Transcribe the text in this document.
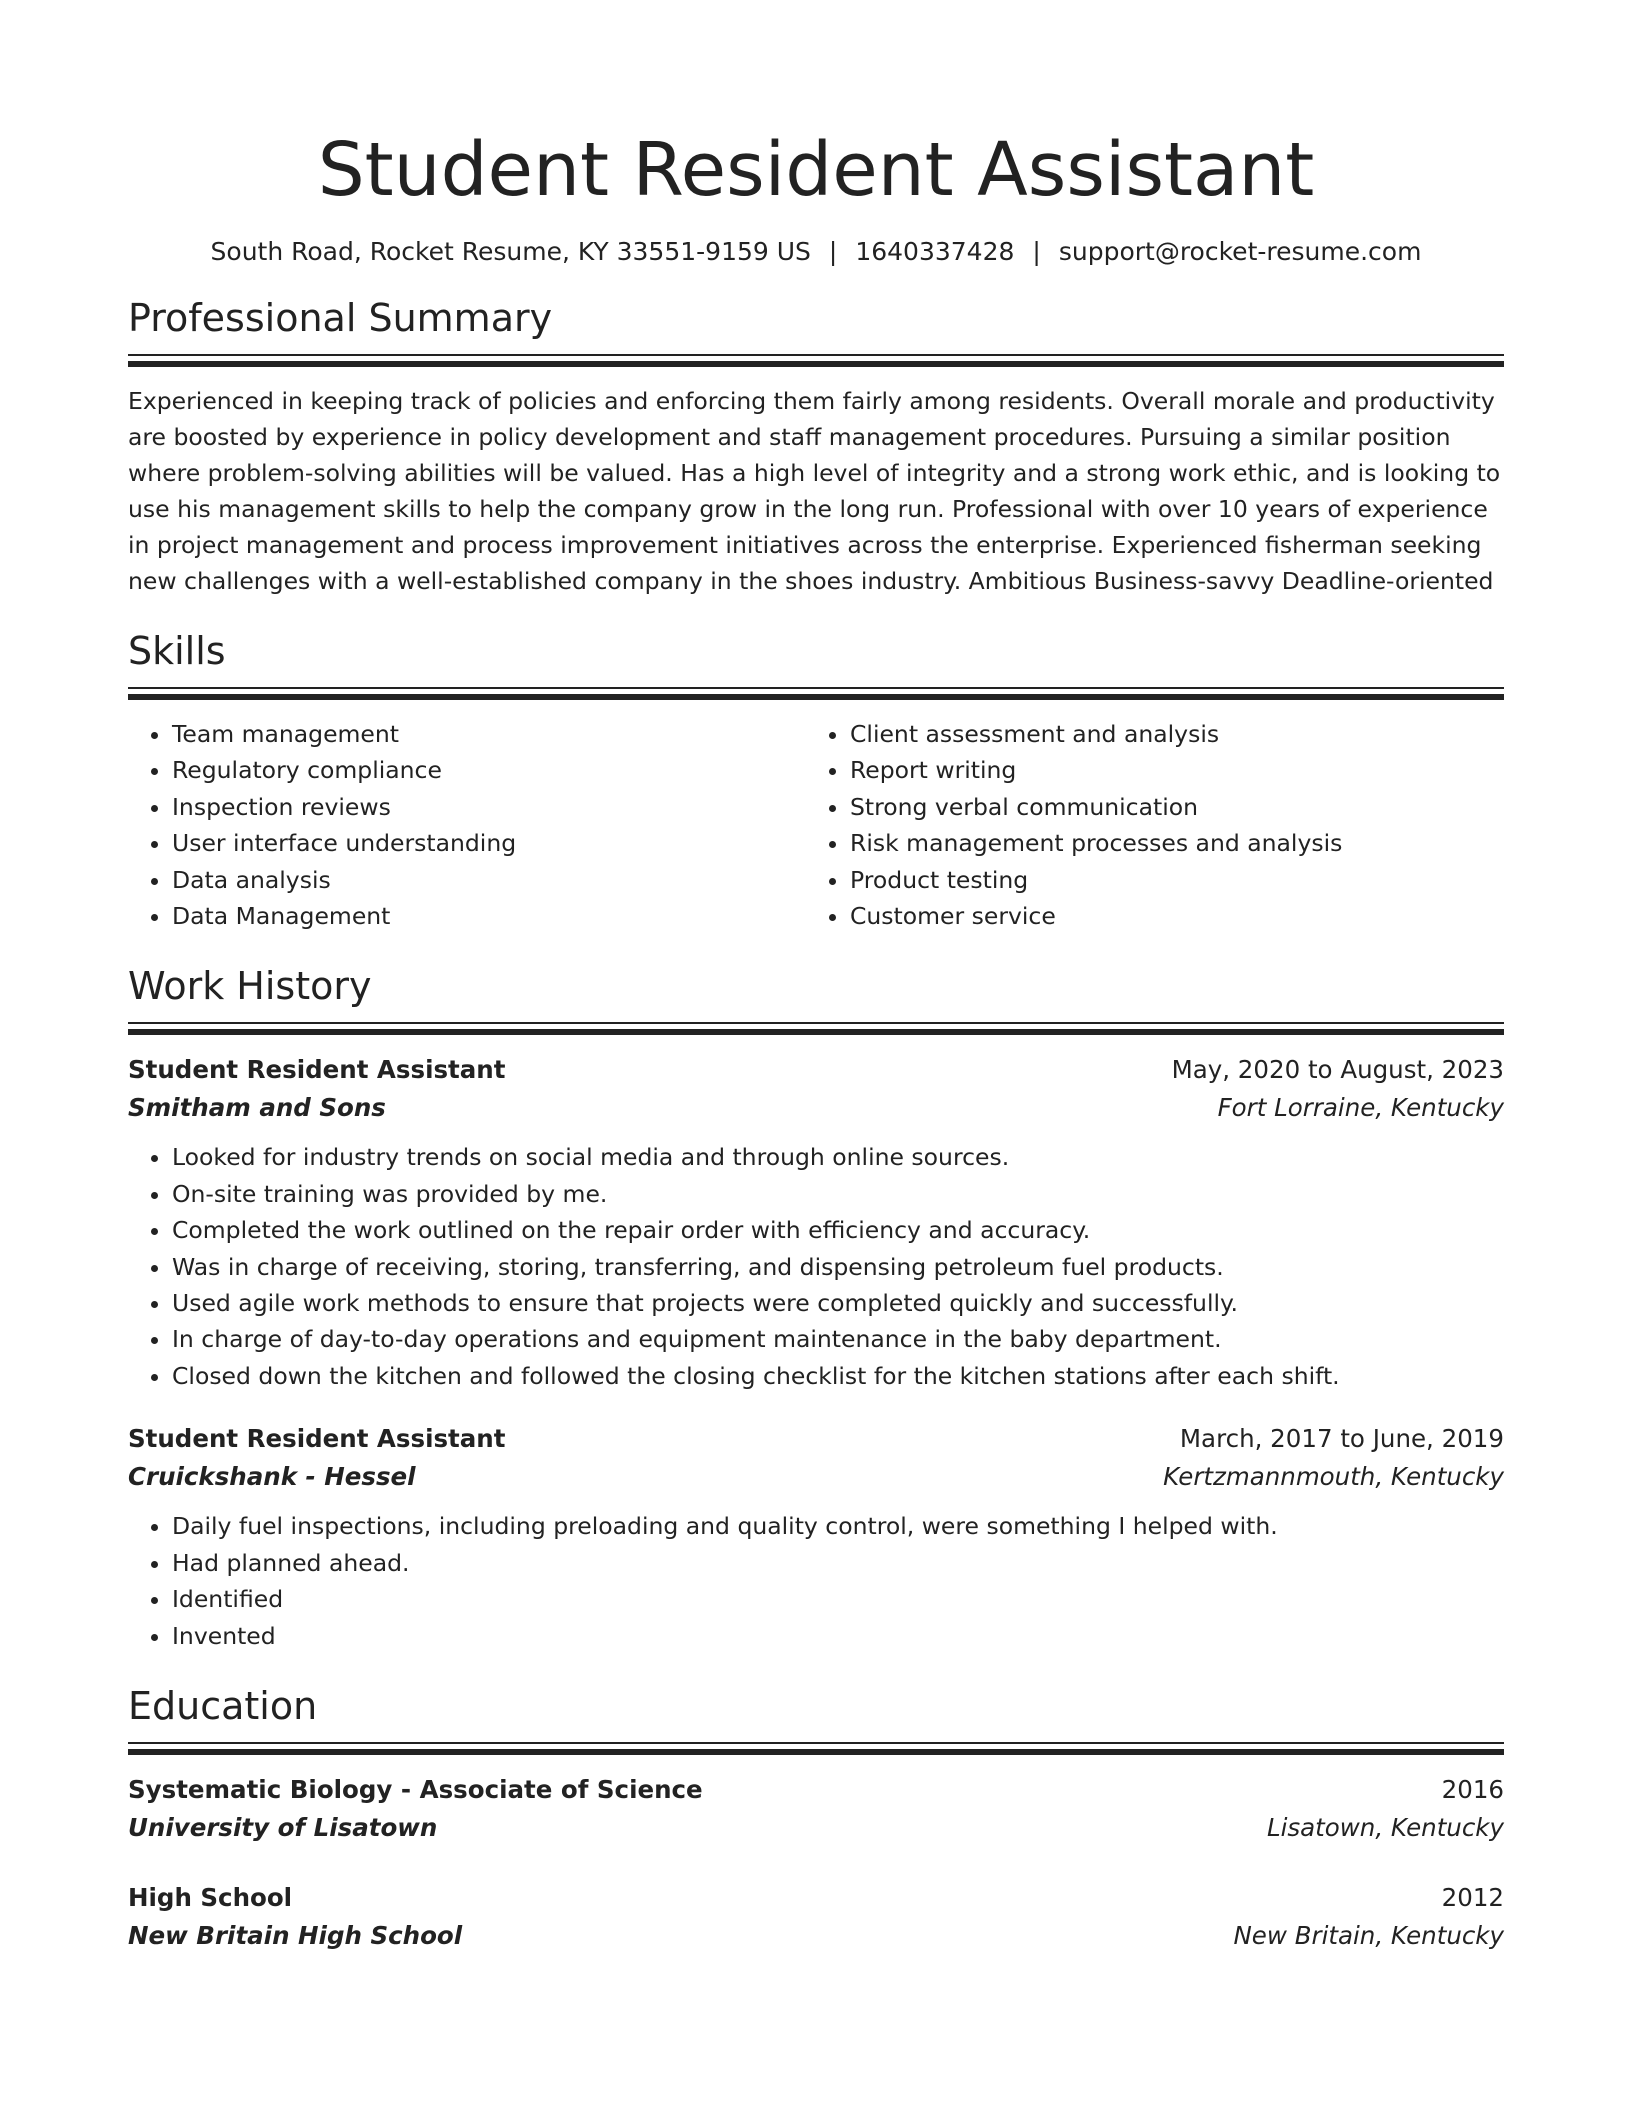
Student Resident Assistant
South Road, Rocket Resume, KY 33551-9159 US | 1640337428 | support@rocket-resume.com
Professional Summary
Experienced in keeping track of policies and enforcing them fairly among residents. Overall morale and productivity are boosted by experience in policy development and staff management procedures. Pursuing a similar position where problem-solving abilities will be valued. Has a high level of integrity and a strong work ethic, and is looking to use his management skills to help the company grow in the long run. Professional with over 10 years of experience in project management and process improvement initiatives across the enterprise. Experienced fisherman seeking new challenges with a well-established company in the shoes industry. Ambitious Business-savvy Deadline-oriented
Skills
• Team management
• Regulatory compliance
• Inspection reviews
• User interface understanding
• Data analysis
• Data Management
• Client assessment and analysis
• Report writing
• Strong verbal communication
• Risk management processes and analysis
• Product testing
• Customer service
Work History
Student Resident Assistant	May, 2020 to August, 2023
Smitham and Sons	Fort Lorraine, Kentucky
• Looked for industry trends on social media and through online sources.
• On-site training was provided by me.
• Completed the work outlined on the repair order with efficiency and accuracy.
• Was in charge of receiving, storing, transferring, and dispensing petroleum fuel products.
• Used agile work methods to ensure that projects were completed quickly and successfully.
• In charge of day-to-day operations and equipment maintenance in the baby department.
• Closed down the kitchen and followed the closing checklist for the kitchen stations after each shift.
Student Resident Assistant	March, 2017 to June, 2019
Cruickshank - Hessel	Kertzmannmouth, Kentucky
• Daily fuel inspections, including preloading and quality control, were something I helped with.
• Had planned ahead.
• Identified
• Invented
Education
Systematic Biology - Associate of Science	2016
University of Lisatown	Lisatown, Kentucky
High School	2012
New Britain High School	New Britain, Kentucky
